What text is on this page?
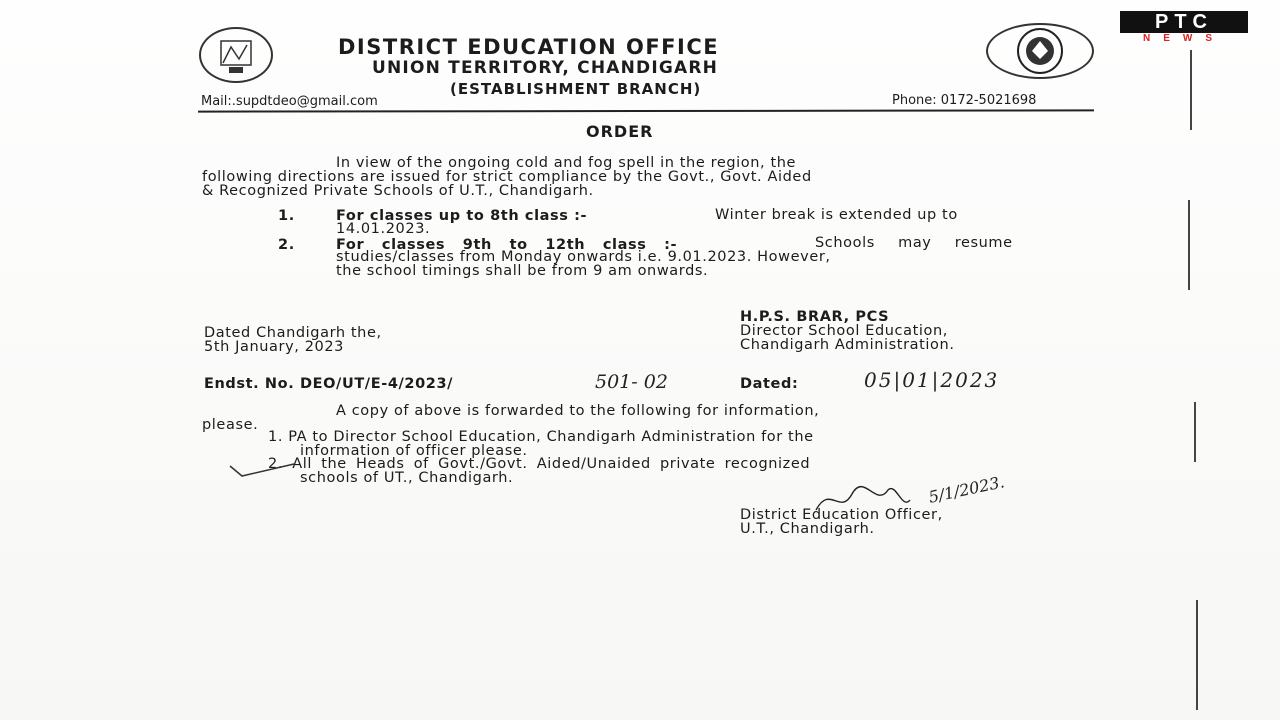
DISTRICT EDUCATION OFFICE
UNION TERRITORY, CHANDIGARH
(ESTABLISHMENT BRANCH)
Mail:.supdtdeo@gmail.com	Phone: 0172-5021698
ORDER
In view of the ongoing cold and fog spell in the region, the
following directions are issued for strict compliance by the Govt., Govt. Aided
& Recognized Private Schools of U.T., Chandigarh.
1.	For classes up to 8th class :-	Winter break is extended up to
14.01.2023.
2.	For classes 9th to 12th class :-	Schools may resume
studies/classes from Monday onwards i.e. 9.01.2023. However,
the school timings shall be from 9 am onwards.
H.P.S. BRAR, PCS
Director School Education,
Chandigarh Administration.
Dated Chandigarh the,
5th January, 2023
Endst. No. DEO/UT/E-4/2023/	501- 02	Dated:	05|01|2023
A copy of above is forwarded to the following for information,
please.
1. PA to Director School Education, Chandigarh Administration for the
information of officer please.
2. All the Heads of Govt./Govt. Aided/Unaided private recognized
schools of UT., Chandigarh.	5/1/2023.
District Education Officer,
U.T., Chandigarh.
PTC
NEWS
